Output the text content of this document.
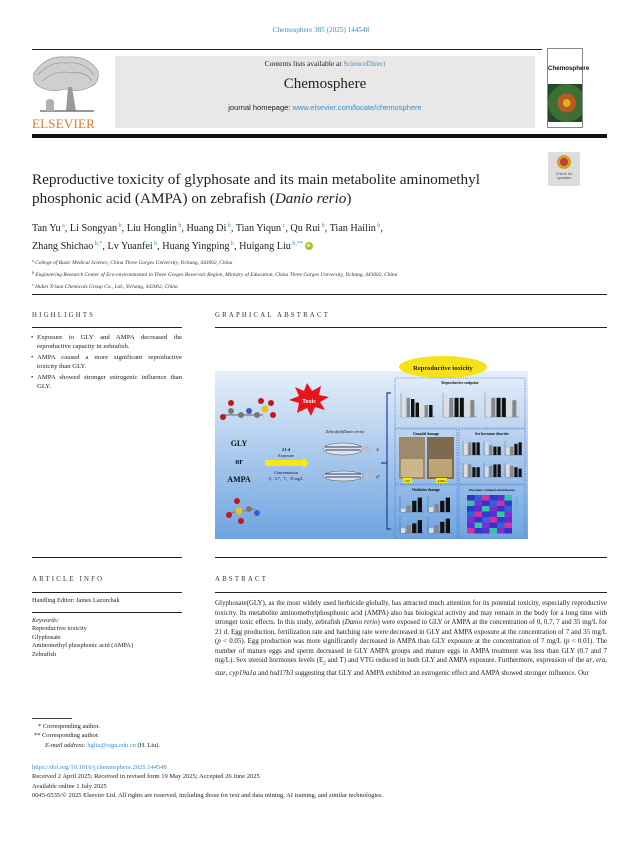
Chemosphere 385 (2025) 144548
ELSEVIER
Contents lists available at ScienceDirect
Chemosphere
journal homepage: www.elsevier.com/locate/chemosphere
Chemosphere
Check for updates
Reproductive toxicity of glyphosate and its main metabolite aminomethyl phosphonic acid (AMPA) on zebrafish (Danio rerio)
Tan Yu $^a$, Li Songyan $^b$, Liu Honglin $^b$, Huang Di $^b$, Tian Yiqun $^c$, Qu Rui $^b$, Tian Hailin $^b$,
Zhang Shichao $^{b,*}$, Lv Yuanfei $^b$, Huang Yingping $^b$, Huigang Liu $^{b,**}$
$^a$ College of Basic Medical Science, China Three Gorges University, Yichang, 443002, China
$^b$ Engineering Research Center of Eco-environmental in Three Gorges Reservoir Region, Ministry of Education, China Three Gorges University, Yichang, 443002, China
$^c$ Hubei Trisun Chemicals Group Co., Ltd., Yichang, 443002, China
HIGHLIGHTS
• Exposure to GLY and AMPA decreased the reproductive capacity in zebrafish.
• AMPA caused a more significant reproductive toxicity than GLY.
• AMPA showed stronger estrogenic influence than GLY.
GRAPHICAL ABSTRACT
Reproductive toxicity
Toxic
GLY
or
AMPA
21 d
Exposure
Concentration
0、0.7、7、35 mg/L
Zebrafish(Danio rerio)
♀
♂
Reproductive endpoint
Gonadal damage
GLY	AMPA
Sex hormone disorder
Oxidative damage	Hormone synthesis interference
ARTICLE INFO
Handling Editor: James Lazorchak
Keywords:
Reproductive toxicity
Glyphosate
Aminomethyl phosphonic acid (AMPA)
Zebrafish
ABSTRACT
Glyphosate(GLY), as the most widely used herbicide globally, has attracted much attention for its potential toxicity, especially reproductive toxicity. Its metabolite aminomethylphosphonic acid (AMPA) also has biological activity and may remain in the body for a long time with stronger toxic effects. In this study, zebrafish (Danio rerio) were exposed to GLY or AMPA at the concentration of 0, 0.7, 7 and 35 mg/L for 21 d. Egg production, fertilization rate and hatching rate were decreased in GLY and AMPA exposure at the concentration of 7 and 35 mg/L (p < 0.05). Egg production was more significantly decreased in AMPA than GLY exposure at the concentration of 7 mg/L (p < 0.01). The number of mature eggs and sperm decreased in GLY AMPA groups and mature eggs in AMPA treatment was less than GLY (0.7 and 7 mg/L). Sex steroid hormones levels ($E_2$ and T) and VTG reduced in both GLY and AMPA exposure. Furthermore, expression of the ar, era, star, cyp19a1a and hsd17b3 suggesting that GLY and AMPA exhibited an estrogenic effect and AMPA showed stronger influence. Our
* Corresponding author.
** Corresponding author.
E-mail address: hgliu@ctgu.edu.cn (H. Liu).
https://doi.org/10.1016/j.chemosphere.2025.144548
Received 2 April 2025; Received in revised form 19 May 2025; Accepted 26 June 2025
Available online 1 July 2025
0045-6535/© 2025 Elsevier Ltd. All rights are reserved, including those for text and data mining, AI training, and similar technologies.
